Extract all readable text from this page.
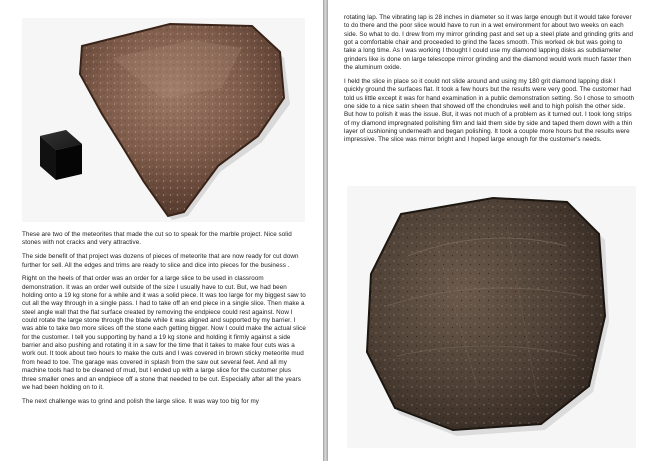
These are two of the meteorites that made the cut so to speak for the marble project. Nice solid stones with not cracks and very attractive.

The side benefit of that project was dozens of pieces of meteorite that are now ready for cut down further for sell. All the edges and trims are ready to slice and dice into pieces for the business .

Right on the heels of that order was an order for a large slice to be used in classroom demonstration. It was an order well outside of the size I usually have to cut. But, we had been holding onto a 19 kg stone for a while and it was a solid piece. It was too large for my biggest saw to cut all the way through in a single pass. I had to take off an end piece in a single slice. Then make a steel angle wall that the flat surface created by removing the endpiece could rest against. Now I could rotate the large stone through the blade while it was aligned and supported by my barrier. I was able to take two more slices off the stone each getting bigger. Now I could make the actual slice for the customer. I tell you supporting by hand a 19 kg stone and holding it firmly against a side barrier and also pushing and rotating it in a saw for the time that it takes to make four cuts was a work out. It took about two hours to make the cuts and I was covered in brown sticky meteorite mud from head to toe. The garage was covered in splash from the saw out several feet. And all my machine tools had to be cleaned of mud, but I ended up with a large slice for the customer plus three smaller ones and an endpiece off a stone that needed to be cut. Especially after all the years we had been holding on to it.

The next challenge was to grind and polish the large slice. It was way too big for my

rotating lap. The vibrating lap is 28 inches in diameter so it was large enough but it would take forever to do there and the poor slice would have to run in a wet environment for about two weeks on each side. So what to do. I drew from my mirror grinding past and set up a steel plate and grinding grits and got a comfortable chair and proceeded to grind the faces smooth. This worked ok but was going to take a long time. As I was working I thought I could use my diamond lapping disks as subdiameter grinders like is done on large telescope mirror grinding and the diamond would work much faster then the aluminum oxide.

I held the slice in place so it could not slide around and using my 180 grit diamond lapping disk I quickly ground the surfaces flat. It took a few hours but the results were very good. The customer had told us little except it was for hand examination in a public demonstration setting. So I chose to smooth one side to a nice satin sheen that showed off the chondrules well and to high polish the other side. But how to polish it was the issue. But, it was not much of a problem as it turned out. I took long strips of my diamond impregnated polishing film and laid them side by side and taped them down with a thin layer of cushioning underneath and began polishing. It took a couple more hours but the results were impressive. The slice was mirror bright and I hoped large enough for the customer's needs.
